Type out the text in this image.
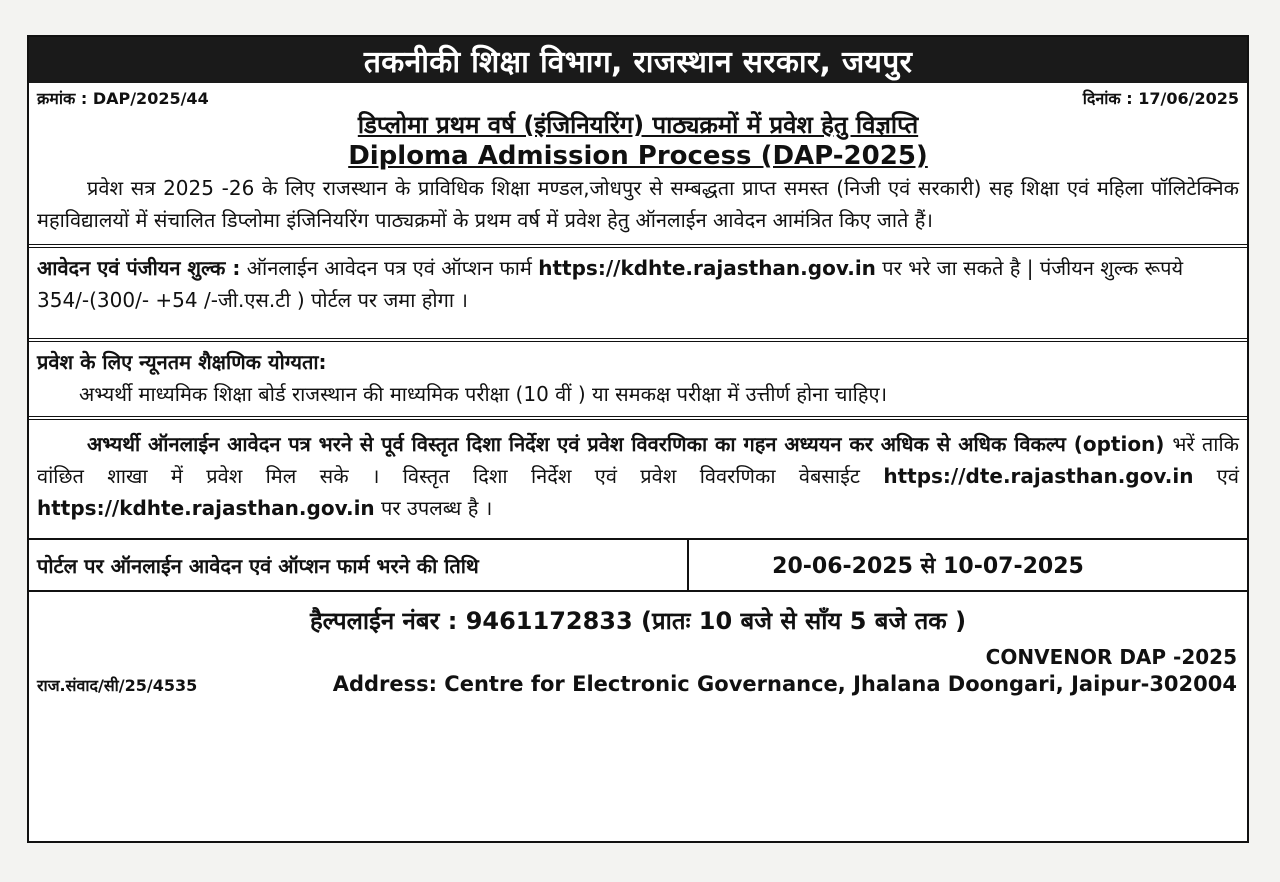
तकनीकी शिक्षा विभाग, राजस्थान सरकार, जयपुर
क्रमांक : DAP/2025/44	दिनांक : 17/06/2025
डिप्लोमा प्रथम वर्ष (इंजिनियरिंग) पाठ्यक्रमों में प्रवेश हेतु विज्ञप्ति
Diploma Admission Process (DAP-2025)
प्रवेश सत्र 2025 -26 के लिए राजस्थान के प्राविधिक शिक्षा मण्डल,जोधपुर से सम्बद्धता प्राप्त समस्त (निजी एवं सरकारी) सह शिक्षा एवं महिला पॉलिटेक्निक महाविद्यालयों में संचालित डिप्लोमा इंजिनियरिंग पाठ्यक्रमों के प्रथम वर्ष में प्रवेश हेतु ऑनलाईन आवेदन आमंत्रित किए जाते हैं।
आवेदन एवं पंजीयन शुल्क : ऑनलाईन आवेदन पत्र एवं ऑप्शन फार्म https://kdhte.rajasthan.gov.in पर भरे जा सकते है | पंजीयन शुल्क रूपये 354/-(300/- +54 /-जी.एस.टी ) पोर्टल पर जमा होगा ।
प्रवेश के लिए न्यूनतम शैक्षणिक योग्यता:
अभ्यर्थी माध्यमिक शिक्षा बोर्ड राजस्थान की माध्यमिक परीक्षा (10 वीं ) या समकक्ष परीक्षा में उत्तीर्ण होना चाहिए।
अभ्यर्थी ऑनलाईन आवेदन पत्र भरने से पूर्व विस्तृत दिशा निर्देश एवं प्रवेश विवरणिका का गहन अध्ययन कर अधिक से अधिक विकल्प (option) भरें ताकि वांछित शाखा में प्रवेश मिल सके । विस्तृत दिशा निर्देश एवं प्रवेश विवरणिका वेबसाईट https://dte.rajasthan.gov.in एवं https://kdhte.rajasthan.gov.in पर उपलब्ध है ।
पोर्टल पर ऑनलाईन आवेदन एवं ऑप्शन फार्म भरने की तिथि	20-06-2025 से 10-07-2025
हैल्पलाईन नंबर : 9461172833 (प्रातः 10 बजे से साँय 5 बजे तक )
CONVENOR DAP -2025
राज.संवाद/सी/25/4535	Address: Centre for Electronic Governance, Jhalana Doongari, Jaipur-302004
